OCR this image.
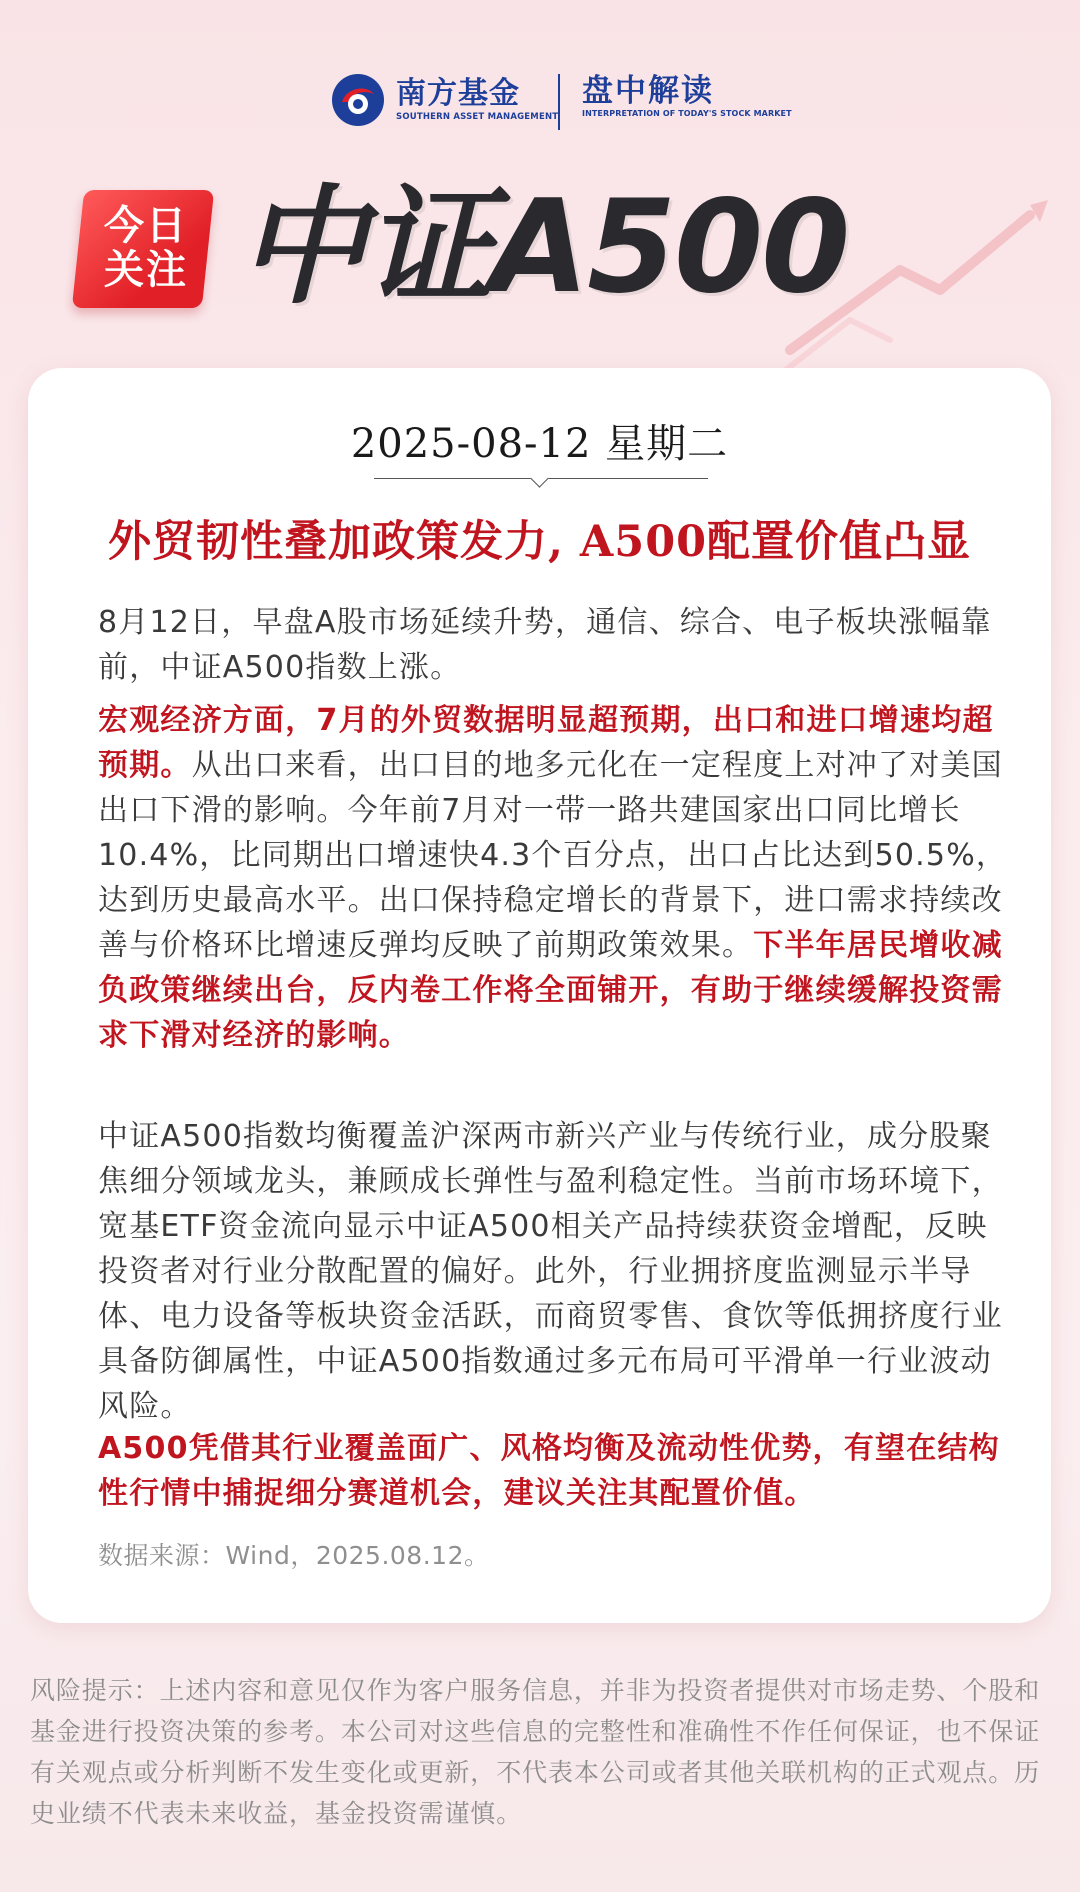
南方基金
SOUTHERN ASSET MANAGEMENT
盘中解读
INTERPRETATION OF TODAY'S STOCK MARKET
今日
关注 中证A500
2025-08-12 星期二
外贸韧性叠加政策发力, A500配置价值凸显
8月12日，早盘A股市场延续升势，通信、综合、电子板块涨幅靠前，中证A500指数上涨。
宏观经济方面，7月的外贸数据明显超预期，出口和进口增速均超预期。从出口来看，出口目的地多元化在一定程度上对冲了对美国出口下滑的影响。今年前7月对一带一路共建国家出口同比增长10.4%，比同期出口增速快4.3个百分点，出口占比达到50.5%，达到历史最高水平。出口保持稳定增长的背景下，进口需求持续改善与价格环比增速反弹均反映了前期政策效果。下半年居民增收减负政策继续出台，反内卷工作将全面铺开，有助于继续缓解投资需求下滑对经济的影响。
中证A500指数均衡覆盖沪深两市新兴产业与传统行业，成分股聚焦细分领域龙头，兼顾成长弹性与盈利稳定性。当前市场环境下，宽基ETF资金流向显示中证A500相关产品持续获资金增配，反映投资者对行业分散配置的偏好。此外，行业拥挤度监测显示半导体、电力设备等板块资金活跃，而商贸零售、食饮等低拥挤度行业具备防御属性，中证A500指数通过多元布局可平滑单一行业波动风险。
A500凭借其行业覆盖面广、风格均衡及流动性优势，有望在结构性行情中捕捉细分赛道机会，建议关注其配置价值。
数据来源：Wind，2025.08.12。
风险提示：上述内容和意见仅作为客户服务信息，并非为投资者提供对市场走势、个股和基金进行投资决策的参考。本公司对这些信息的完整性和准确性不作任何保证，也不保证有关观点或分析判断不发生变化或更新，不代表本公司或者其他关联机构的正式观点。历史业绩不代表未来收益，基金投资需谨慎。
